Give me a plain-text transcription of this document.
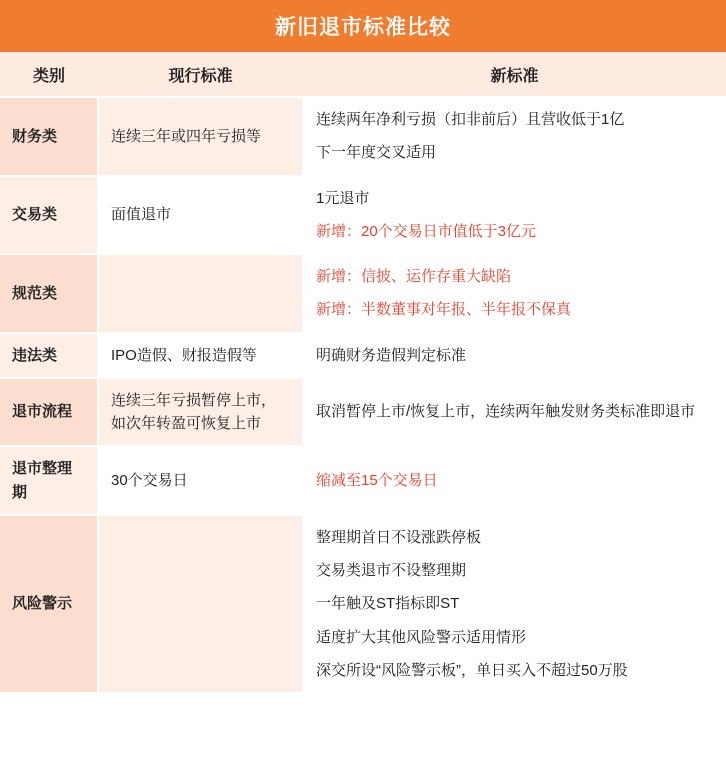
新旧退市标准比较
类别	现行标准	新标准
财务类	连续三年或四年亏损等	连续两年净利亏损（扣非前后）且营收低于1亿
下一年度交叉适用

交易类	面值退市	1元退市
新增：20个交易日市值低于3亿元

规范类		新增：信披、运作存重大缺陷
新增：半数董事对年报、半年报不保真

违法类	IPO造假、财报造假等	明确财务造假判定标准

退市流程	连续三年亏损暂停上市，如次年转盈可恢复上市	取消暂停上市/恢复上市，连续两年触发财务类标准即退市

退市整理期	30个交易日	缩减至15个交易日

风险警示		整理期首日不设涨跌停板
交易类退市不设整理期
一年触及ST指标即ST
适度扩大其他风险警示适用情形
深交所设“风险警示板”，单日买入不超过50万股
